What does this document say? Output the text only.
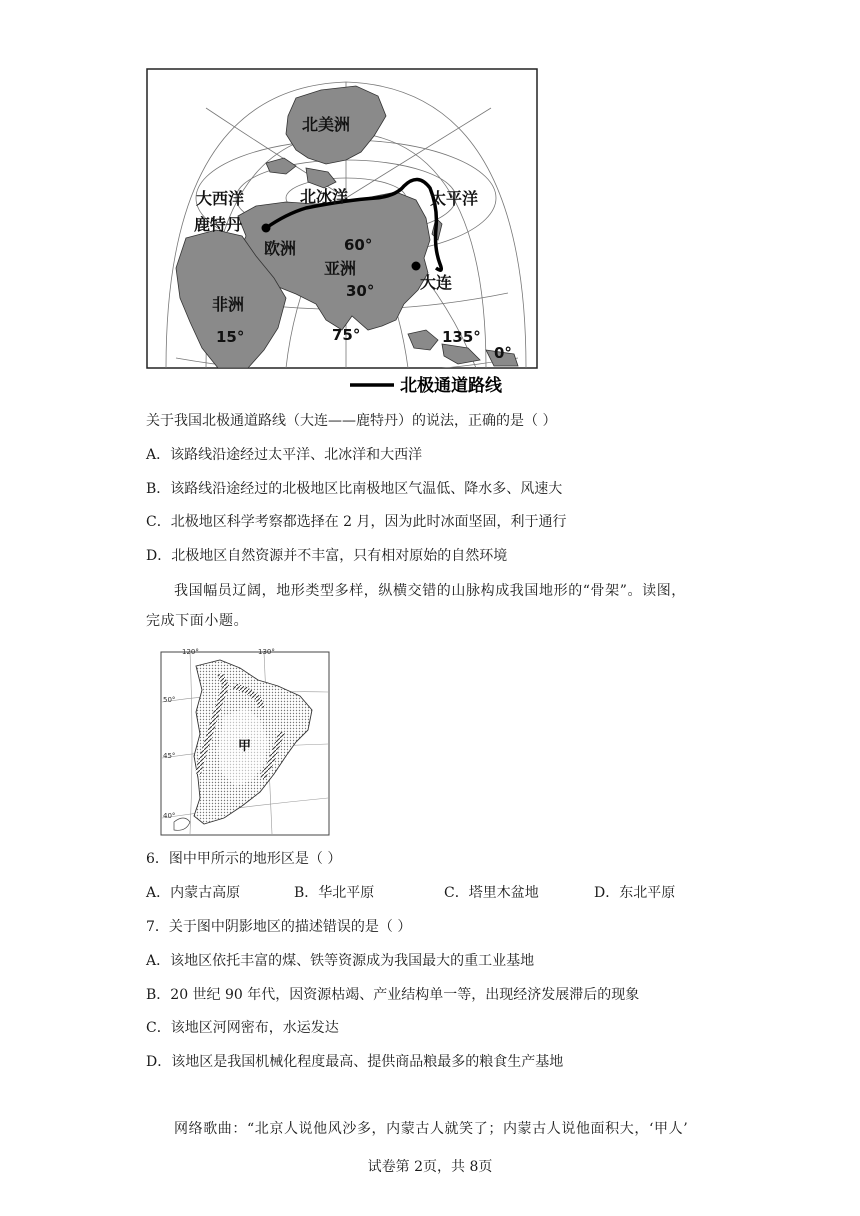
北美洲
大西洋	北冰洋	太平洋
鹿特丹
欧洲
亚洲
非洲
大连
60°
30°
0°
15°	75°	135°
北极通道路线
关于我国北极通道路线（大连——鹿特丹）的说法，正确的是（ ）
A．该路线沿途经过太平洋、北冰洋和大西洋
B．该路线沿途经过的北极地区比南极地区气温低、降水多、风速大
C．北极地区科学考察都选择在 2 月，因为此时冰面坚固，利于通行
D．北极地区自然资源并不丰富，只有相对原始的自然环境
我国幅员辽阔，地形类型多样，纵横交错的山脉构成我国地形的“骨架”。读图，
完成下面小题。
甲
120°	130°
50°
45°
40°
6．图中甲所示的地形区是（ ）
A．内蒙古高原	B．华北平原	C．塔里木盆地	D．东北平原
7．关于图中阴影地区的描述错误的是（ ）
A．该地区依托丰富的煤、铁等资源成为我国最大的重工业基地
B．20 世纪 90 年代，因资源枯竭、产业结构单一等，出现经济发展滞后的现象
C．该地区河网密布，水运发达
D．该地区是我国机械化程度最高、提供商品粮最多的粮食生产基地
网络歌曲：“北京人说他风沙多，内蒙古人就笑了；内蒙古人说他面积大，‘甲人’
试卷第 2页，共 8页
